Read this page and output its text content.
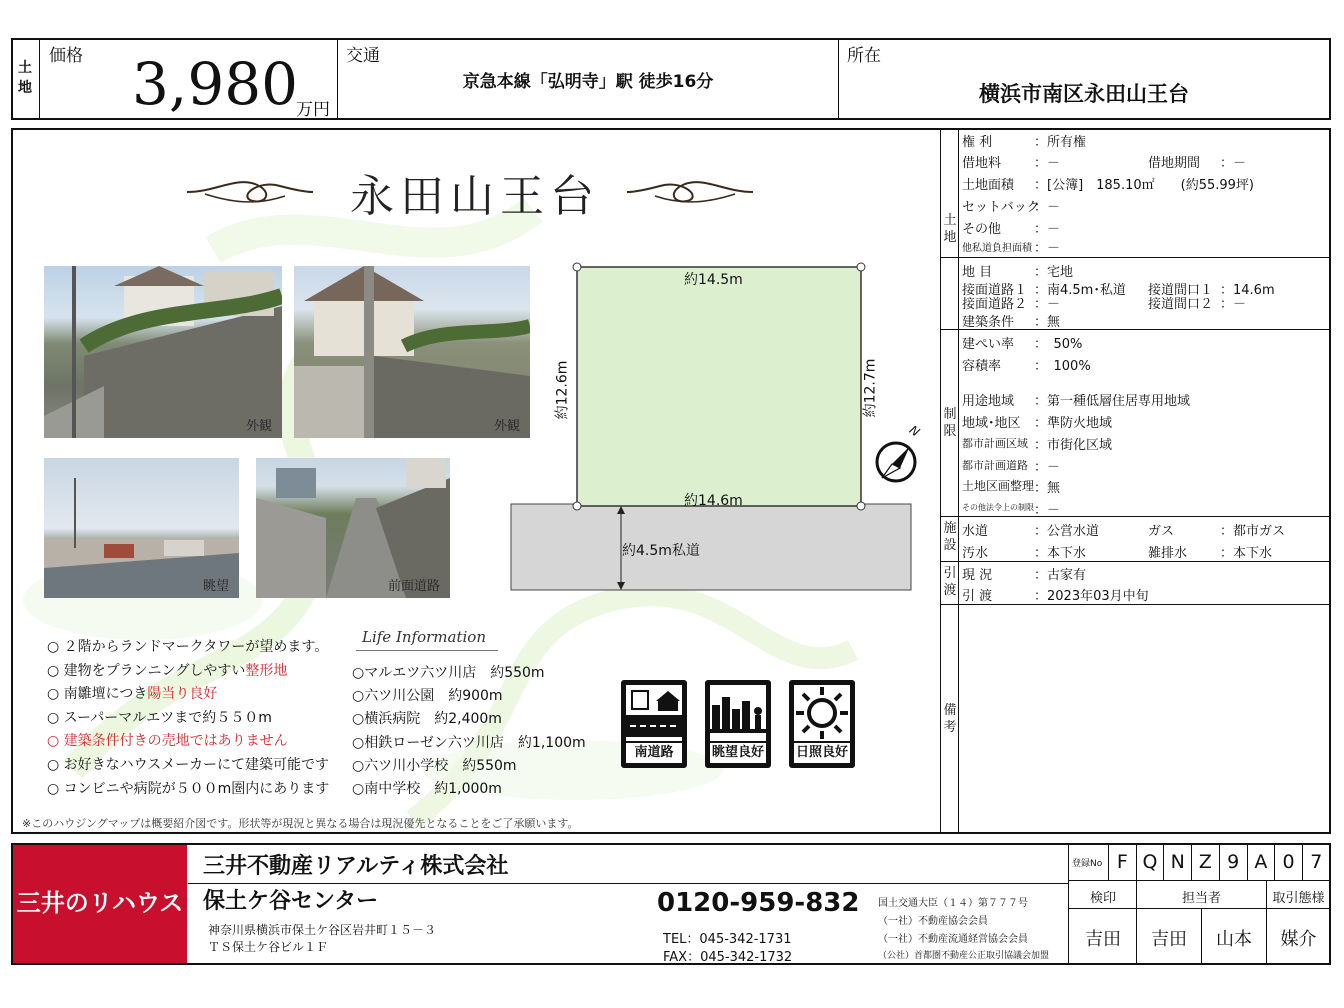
土地
価格 3,980
万円
交通
京急本線「弘明寺」駅 徒歩16分
所在
横浜市南区永田山王台
永田山王台
外観	外観
眺望	前面道路
約14.5m
約14.6m
約12.6m	約12.7m
約4.5m私道
N
○ ２階からランドマークタワーが望めます。
○ 建物をプランニングしやすい整形地
○ 南雛壇につき陽当り良好
○ スーパーマルエツまで約５５０m
○ 建築条件付きの売地ではありません
○ お好きなハウスメーカーにて建築可能です
○ コンビニや病院が５００m圏内にあります
Life Information
○マルエツ六ツ川店　約550m
○六ツ川公園　約900m
○横浜病院　約2,400m
○相鉄ローゼン六ツ川店　約1,100m
○六ツ川小学校　約550m
○南中学校　約1,000m
南道路	眺望良好 日照良好
※このハウジングマップは概要紹介図です。形状等が現況と異なる場合は現況優先となることをご了承願います。
土地
制限
施設
引渡
備考
権 利	：所有権
借地料	：－	借地期間 ：－
土地面積 ：[公簿]　185.10㎡　　(約55.99坪)
セットバック
：－
その他	：－
他私道負担面積 ：－
地 目	：宅地
接面道路１ ：南4.5m･私道 接道間口１ ：14.6m
接面道路２ ：－	接道間口２ ：－
建築条件 ：無
建ぺい率 ：　50%
容積率	：　100%
用途地域 ：第一種低層住居専用地域
地域･地区 ：準防火地域
都市計画区域 ：市街化区域
都市計画道路 ：－
土地区画整理 ：無
その他法令上の制限 ：－
水道	：公営水道	ガス	：都市ガス
汚水	：本下水	雑排水	：本下水
現 況	：古家有
引 渡	：2023年03月中旬
三井のリハウス
三井不動産リアルティ株式会社
保土ケ谷センター
神奈川県横浜市保土ケ谷区岩井町１５－３
ＴＳ保土ケ谷ビル１Ｆ
0120-959-832
TEL：045-342-1731
FAX：045-342-1732
国土交通大臣（１４）第７７７号
（一社）不動産協会会員
（一社）不動産流通経営協会会員
（公社）首都圏不動産公正取引協議会加盟
登録No F Q N Z 9 A 0 7
検印	担当者	取引態様
吉田	吉田	山本	媒介
